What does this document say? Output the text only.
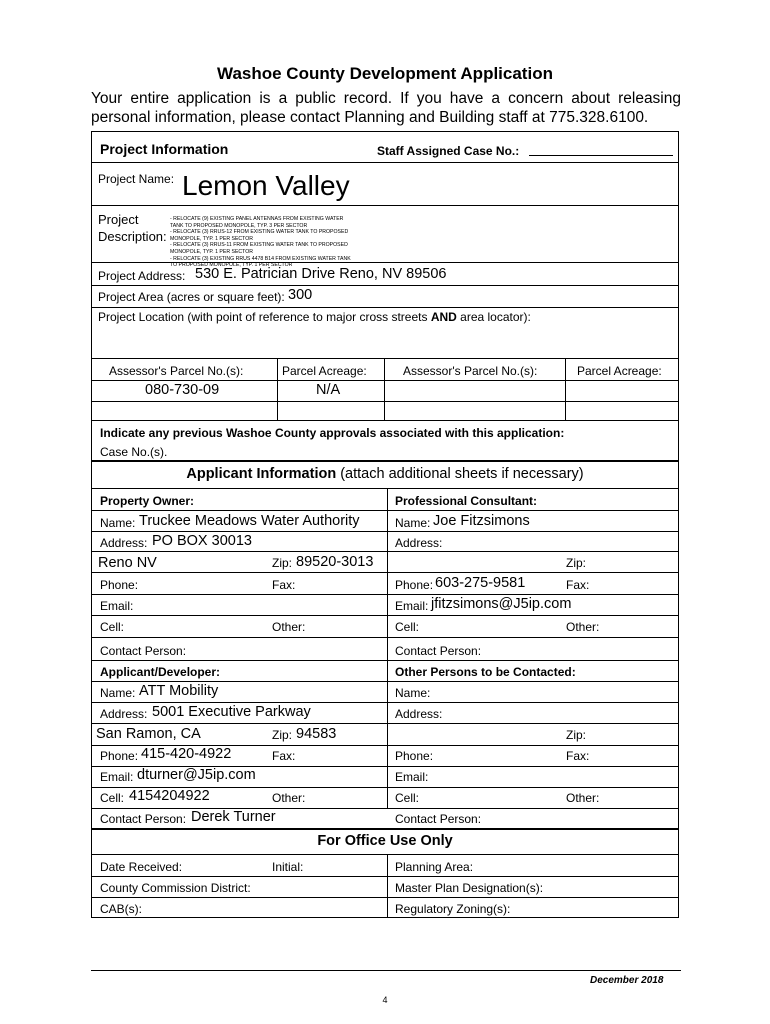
Washoe County Development Application
Your entire application is a public record. If you have a concern about releasing personal information, please contact Planning and Building staff at 775.328.6100.
Project Information	Staff Assigned Case No.:
Project Name: Lemon Valley
Project
Description:
- RELOCATE (9) EXISTING PANEL ANTENNAS FROM EXISTING WATER
TANK TO PROPOSED MONOPOLE, TYP. 3 PER SECTOR
- RELOCATE (3) RRUS-12 FROM EXISTING WATER TANK TO PROPOSED
MONOPOLE, TYP. 1 PER SECTOR
- RELOCATE (3) RRUS-11 FROM EXISTING WATER TANK TO PROPOSED
MONOPOLE, TYP. 1 PER SECTOR
- RELOCATE (3) EXISTING RRUS 4478 B14 FROM EXISTING WATER TANK
TO PROPOSED MONOPOLE, TYP. 1 PER SECTOR
Project Address: 530 E. Patrician Drive Reno, NV 89506
Project Area (acres or square feet): 300
Project Location (with point of reference to major cross streets AND area locator):
Assessor's Parcel No.(s):	Parcel Acreage:	Assessor's Parcel No.(s):	Parcel Acreage:
080-730-09	N/A
Indicate any previous Washoe County approvals associated with this application:
Case No.(s).
Applicant Information (attach additional sheets if necessary)
Property Owner:
Name: Truckee Meadows Water Authority
Address: PO BOX 30013
Reno NV	Zip: 89520-3013
Phone:	Fax:
Email:
Cell:	Other:
Contact Person:
Professional Consultant:
Name: Joe Fitzsimons
Address:
Zip:
Phone: 603-275-9581	Fax:
Email: jfitzsimons@J5ip.com
Cell:	Other:
Contact Person:
Applicant/Developer:
Name: ATT Mobility
Address: 5001 Executive Parkway
San Ramon, CA	Zip: 94583
Phone: 415-420-4922	Fax:
Email: dturner@J5ip.com
Cell: 4154204922	Other:
Contact Person: Derek Turner
Other Persons to be Contacted:
Name:
Address:
Zip:
Phone:	Fax:
Email:
Cell:	Other:
Contact Person:
For Office Use Only
Date Received:	Initial:	Planning Area:
County Commission District:	Master Plan Designation(s):
CAB(s):	Regulatory Zoning(s):
December 2018
4
